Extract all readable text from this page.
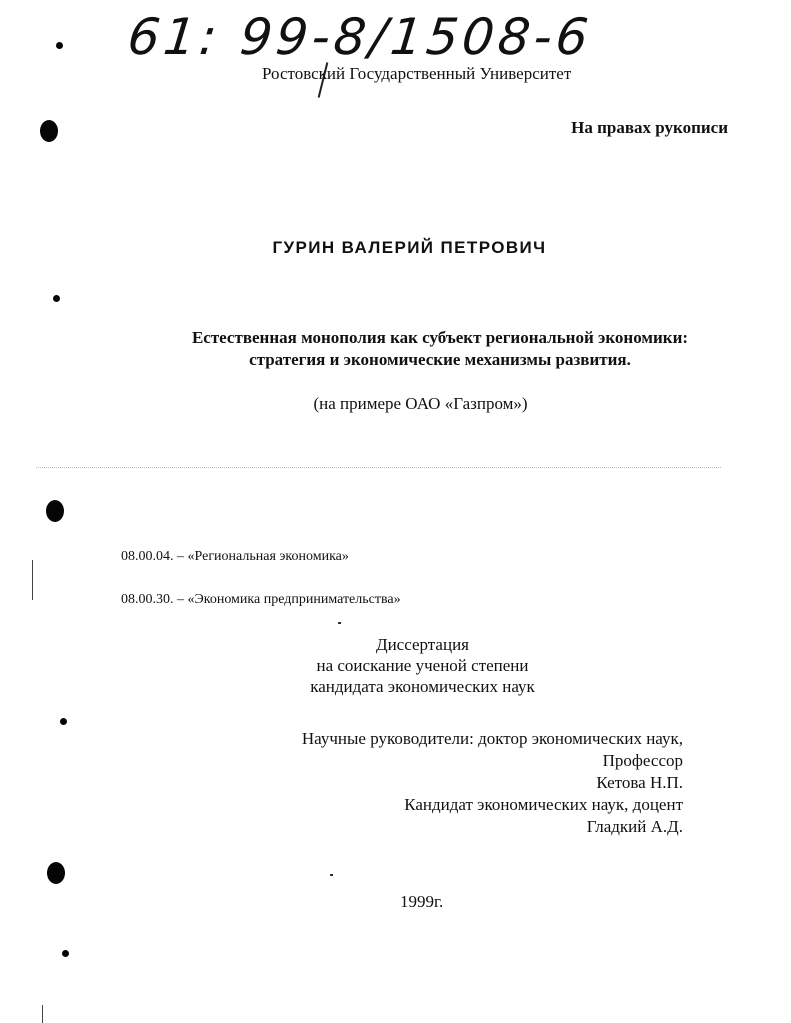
61: 99-8/1508-6
Ростовский Государственный Университет
На правах рукописи
ГУРИН ВАЛЕРИЙ ПЕТРОВИЧ
Естественная монополия как субъект региональной экономики:
стратегия и экономические механизмы развития.
(на примере ОАО «Газпром»)
08.00.04. – «Региональная экономика»
08.00.30. – «Экономика предпринимательства»
Диссертация
на соискание ученой степени
кандидата экономических наук
Научные руководители: доктор экономических наук,
Профессор
Кетова Н.П.
Кандидат экономических наук, доцент
Гладкий А.Д.
1999г.
